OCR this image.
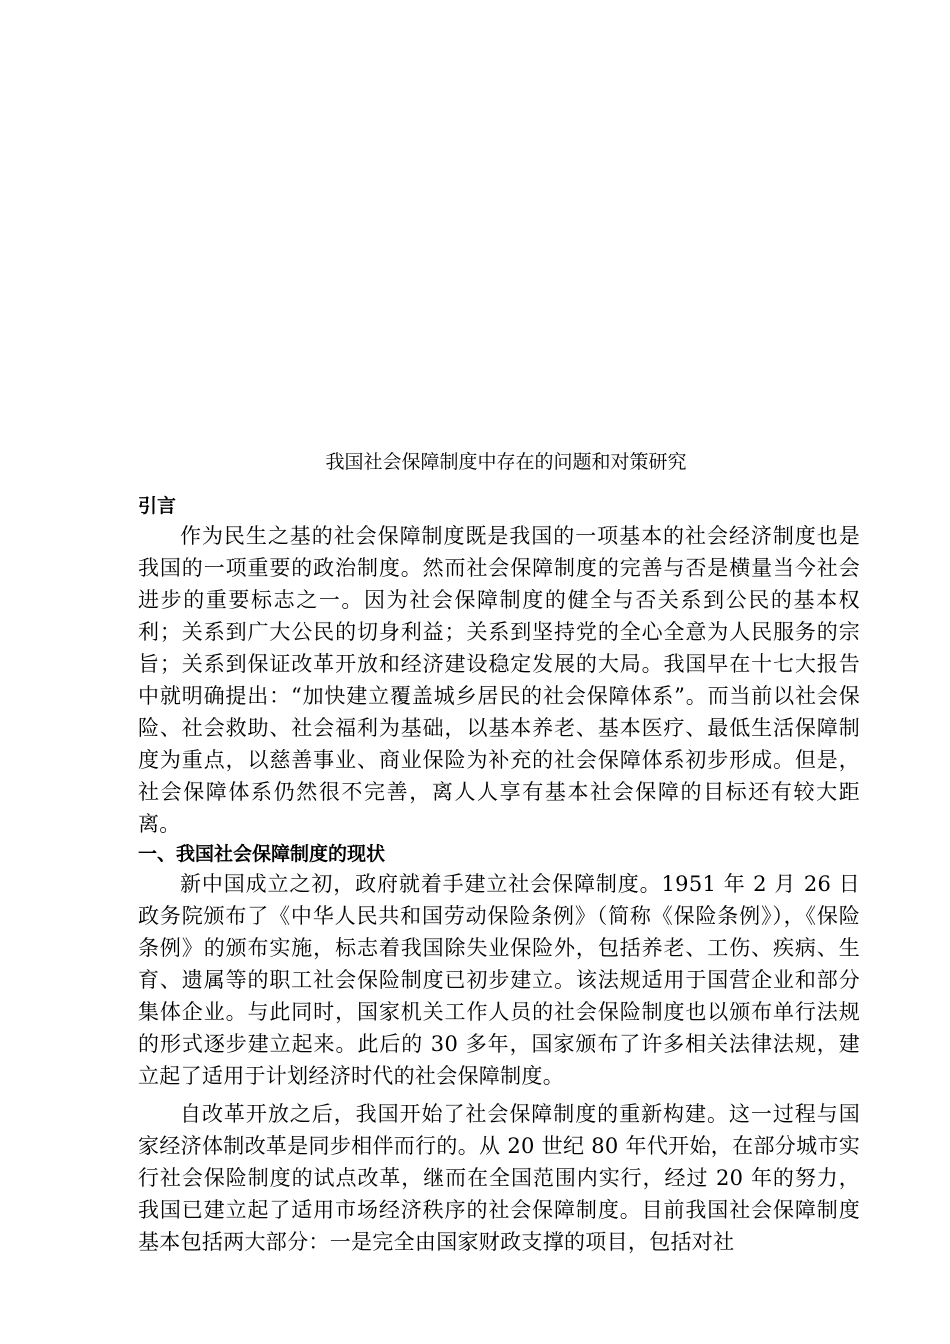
我国社会保障制度中存在的问题和对策研究
引言

作为民生之基的社会保障制度既是我国的一项基本的社会经济制度也是我国的一项重要的政治制度。然而社会保障制度的完善与否是横量当今社会进步的重要标志之一。因为社会保障制度的健全与否关系到公民的基本权利；关系到广大公民的切身利益；关系到坚持党的全心全意为人民服务的宗旨；关系到保证改革开放和经济建设稳定发展的大局。我国早在十七大报告中就明确提出：“加快建立覆盖城乡居民的社会保障体系”。而当前以社会保险、社会救助、社会福利为基础，以基本养老、基本医疗、最低生活保障制度为重点，以慈善事业、商业保险为补充的社会保障体系初步形成。但是，社会保障体系仍然很不完善，离人人享有基本社会保障的目标还有较大距离。

一、我国社会保障制度的现状

新中国成立之初，政府就着手建立社会保障制度。1951 年 2 月 26 日政务院颁布了《中华人民共和国劳动保险条例》（简称《保险条例》），《保险条例》的颁布实施，标志着我国除失业保险外，包括养老、工伤、疾病、生育、遗属等的职工社会保险制度已初步建立。该法规适用于国营企业和部分集体企业。与此同时，国家机关工作人员的社会保险制度也以颁布单行法规的形式逐步建立起来。此后的 30 多年，国家颁布了许多相关法律法规，建立起了适用于计划经济时代的社会保障制度。

自改革开放之后，我国开始了社会保障制度的重新构建。这一过程与国家经济体制改革是同步相伴而行的。从 20 世纪 80 年代开始，在部分城市实行社会保险制度的试点改革，继而在全国范围内实行，经过 20 年的努力，我国已建立起了适用市场经济秩序的社会保障制度。目前我国社会保障制度基本包括两大部分：一是完全由国家财政支撑的项目，包括对社
